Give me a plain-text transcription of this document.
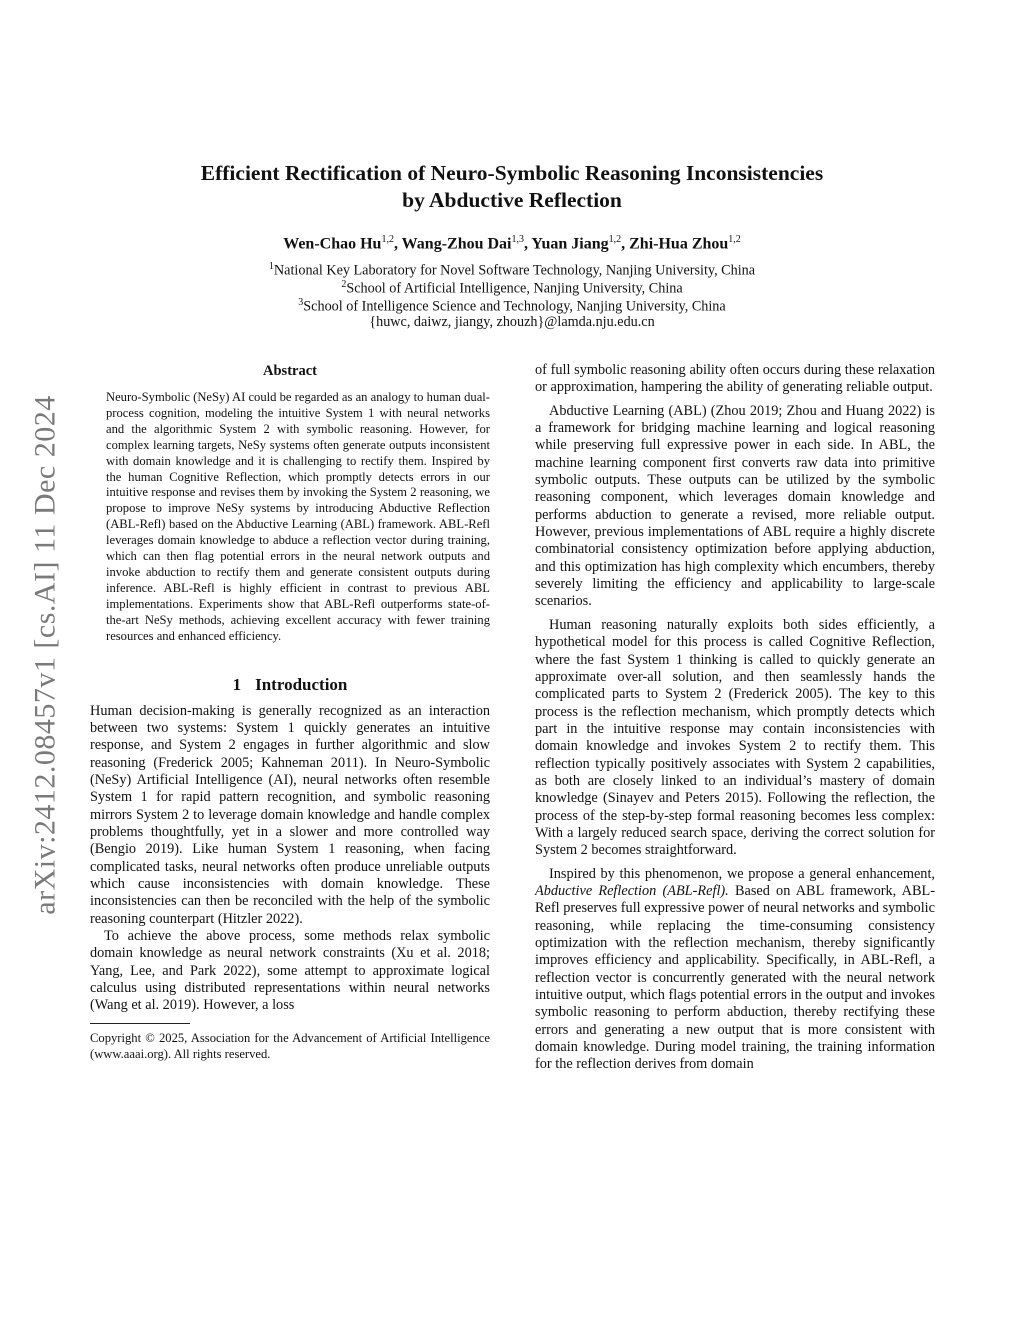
arXiv:2412.08457v1 [cs.AI] 11 Dec 2024
Efficient Rectification of Neuro-Symbolic Reasoning Inconsistencies
by Abductive Reflection
Wen-Chao Hu$^{1,2}$, Wang-Zhou Dai$^{1,3}$, Yuan Jiang$^{1,2}$, Zhi-Hua Zhou$^{1,2}$
$^1$National Key Laboratory for Novel Software Technology, Nanjing University, China
$^2$School of Artificial Intelligence, Nanjing University, China
$^3$School of Intelligence Science and Technology, Nanjing University, China
{huwc, daiwz, jiangy, zhouzh}@lamda.nju.edu.cn
Abstract

Neuro-Symbolic (NeSy) AI could be regarded as an analogy to human dual-process cognition, modeling the intuitive System 1 with neural networks and the algorithmic System 2 with symbolic reasoning. However, for complex learning targets, NeSy systems often generate outputs inconsistent with domain knowledge and it is challenging to rectify them. Inspired by the human Cognitive Reflection, which promptly detects errors in our intuitive response and revises them by invoking the System 2 reasoning, we propose to improve NeSy systems by introducing Abductive Reflection (ABL-Refl) based on the Abductive Learning (ABL) framework. ABL-Refl leverages domain knowledge to abduce a reflection vector during training, which can then flag potential errors in the neural network outputs and invoke abduction to rectify them and generate consistent outputs during inference. ABL-Refl is highly efficient in contrast to previous ABL implementations. Experiments show that ABL-Refl outperforms state-of-the-art NeSy methods, achieving excellent accuracy with fewer training resources and enhanced efficiency.

1 Introduction

Human decision-making is generally recognized as an interaction between two systems: System 1 quickly generates an intuitive response, and System 2 engages in further algorithmic and slow reasoning (Frederick 2005; Kahneman 2011). In Neuro-Symbolic (NeSy) Artificial Intelligence (AI), neural networks often resemble System 1 for rapid pattern recognition, and symbolic reasoning mirrors System 2 to leverage domain knowledge and handle complex problems thoughtfully, yet in a slower and more controlled way (Bengio 2019). Like human System 1 reasoning, when facing complicated tasks, neural networks often produce unreliable outputs which cause inconsistencies with domain knowledge. These inconsistencies can then be reconciled with the help of the symbolic reasoning counterpart (Hitzler 2022).

To achieve the above process, some methods relax symbolic domain knowledge as neural network constraints (Xu et al. 2018; Yang, Lee, and Park 2022), some attempt to approximate logical calculus using distributed representations within neural networks (Wang et al. 2019). However, a loss

Copyright © 2025, Association for the Advancement of Artificial Intelligence (www.aaai.org). All rights reserved.

of full symbolic reasoning ability often occurs during these relaxation or approximation, hampering the ability of generating reliable output.

Abductive Learning (ABL) (Zhou 2019; Zhou and Huang 2022) is a framework for bridging machine learning and logical reasoning while preserving full expressive power in each side. In ABL, the machine learning component first converts raw data into primitive symbolic outputs. These outputs can be utilized by the symbolic reasoning component, which leverages domain knowledge and performs abduction to generate a revised, more reliable output. However, previous implementations of ABL require a highly discrete combinatorial consistency optimization before applying abduction, and this optimization has high complexity which encumbers, thereby severely limiting the efficiency and applicability to large-scale scenarios.

Human reasoning naturally exploits both sides efficiently, a hypothetical model for this process is called Cognitive Reflection, where the fast System 1 thinking is called to quickly generate an approximate over-all solution, and then seamlessly hands the complicated parts to System 2 (Frederick 2005). The key to this process is the reflection mechanism, which promptly detects which part in the intuitive response may contain inconsistencies with domain knowledge and invokes System 2 to rectify them. This reflection typically positively associates with System 2 capabilities, as both are closely linked to an individual’s mastery of domain knowledge (Sinayev and Peters 2015). Following the reflection, the process of the step-by-step formal reasoning becomes less complex: With a largely reduced search space, deriving the correct solution for System 2 becomes straightforward.

Inspired by this phenomenon, we propose a general enhancement, Abductive Reflection (ABL-Refl). Based on ABL framework, ABL-Refl preserves full expressive power of neural networks and symbolic reasoning, while replacing the time-consuming consistency optimization with the reflection mechanism, thereby significantly improves efficiency and applicability. Specifically, in ABL-Refl, a reflection vector is concurrently generated with the neural network intuitive output, which flags potential errors in the output and invokes symbolic reasoning to perform abduction, thereby rectifying these errors and generating a new output that is more consistent with domain knowledge. During model training, the training information for the reflection derives from domain
